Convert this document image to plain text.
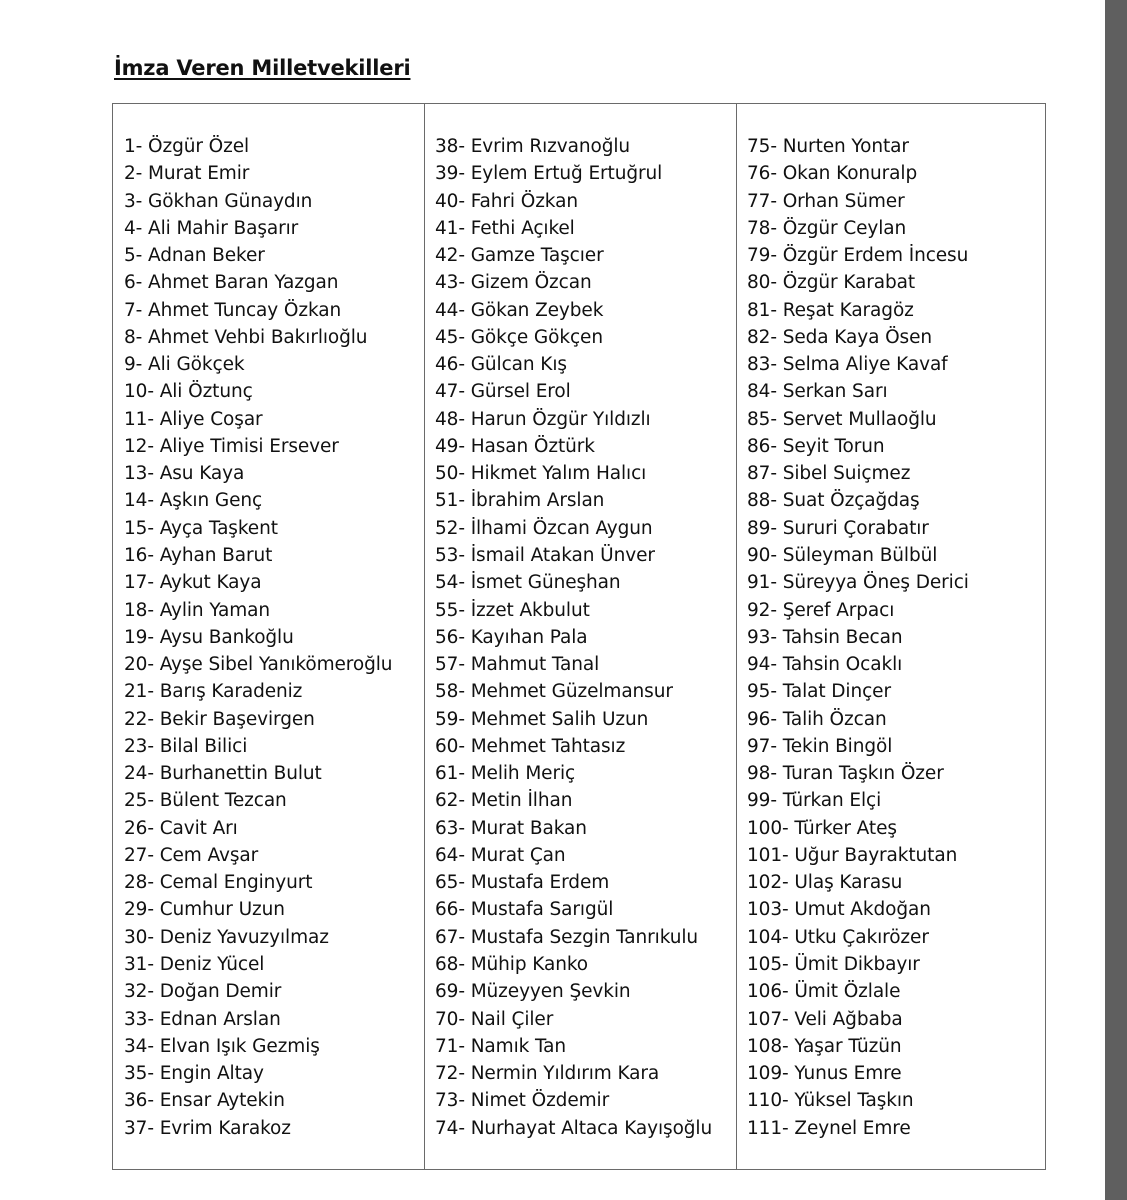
İmza Veren Milletvekilleri
1- Özgür Özel
2- Murat Emir
3- Gökhan Günaydın
4- Ali Mahir Başarır
5- Adnan Beker
6- Ahmet Baran Yazgan
7- Ahmet Tuncay Özkan
8- Ahmet Vehbi Bakırlıoğlu
9- Ali Gökçek
10- Ali Öztunç
11- Aliye Coşar
12- Aliye Timisi Ersever
13- Asu Kaya
14- Aşkın Genç
15- Ayça Taşkent
16- Ayhan Barut
17- Aykut Kaya
18- Aylin Yaman
19- Aysu Bankoğlu
20- Ayşe Sibel Yanıkömeroğlu
21- Barış Karadeniz
22- Bekir Başevirgen
23- Bilal Bilici
24- Burhanettin Bulut
25- Bülent Tezcan
26- Cavit Arı
27- Cem Avşar
28- Cemal Enginyurt
29- Cumhur Uzun
30- Deniz Yavuzyılmaz
31- Deniz Yücel
32- Doğan Demir
33- Ednan Arslan
34- Elvan Işık Gezmiş
35- Engin Altay
36- Ensar Aytekin
37- Evrim Karakoz
38- Evrim Rızvanoğlu
39- Eylem Ertuğ Ertuğrul
40- Fahri Özkan
41- Fethi Açıkel
42- Gamze Taşcıer
43- Gizem Özcan
44- Gökan Zeybek
45- Gökçe Gökçen
46- Gülcan Kış
47- Gürsel Erol
48- Harun Özgür Yıldızlı
49- Hasan Öztürk
50- Hikmet Yalım Halıcı
51- İbrahim Arslan
52- İlhami Özcan Aygun
53- İsmail Atakan Ünver
54- İsmet Güneşhan
55- İzzet Akbulut
56- Kayıhan Pala
57- Mahmut Tanal
58- Mehmet Güzelmansur
59- Mehmet Salih Uzun
60- Mehmet Tahtasız
61- Melih Meriç
62- Metin İlhan
63- Murat Bakan
64- Murat Çan
65- Mustafa Erdem
66- Mustafa Sarıgül
67- Mustafa Sezgin Tanrıkulu
68- Mühip Kanko
69- Müzeyyen Şevkin
70- Nail Çiler
71- Namık Tan
72- Nermin Yıldırım Kara
73- Nimet Özdemir
74- Nurhayat Altaca Kayışoğlu
75- Nurten Yontar
76- Okan Konuralp
77- Orhan Sümer
78- Özgür Ceylan
79- Özgür Erdem İncesu
80- Özgür Karabat
81- Reşat Karagöz
82- Seda Kaya Ösen
83- Selma Aliye Kavaf
84- Serkan Sarı
85- Servet Mullaoğlu
86- Seyit Torun
87- Sibel Suiçmez
88- Suat Özçağdaş
89- Sururi Çorabatır
90- Süleyman Bülbül
91- Süreyya Öneş Derici
92- Şeref Arpacı
93- Tahsin Becan
94- Tahsin Ocaklı
95- Talat Dinçer
96- Talih Özcan
97- Tekin Bingöl
98- Turan Taşkın Özer
99- Türkan Elçi
100- Türker Ateş
101- Uğur Bayraktutan
102- Ulaş Karasu
103- Umut Akdoğan
104- Utku Çakırözer
105- Ümit Dikbayır
106- Ümit Özlale
107- Veli Ağbaba
108- Yaşar Tüzün
109- Yunus Emre
110- Yüksel Taşkın
111- Zeynel Emre
